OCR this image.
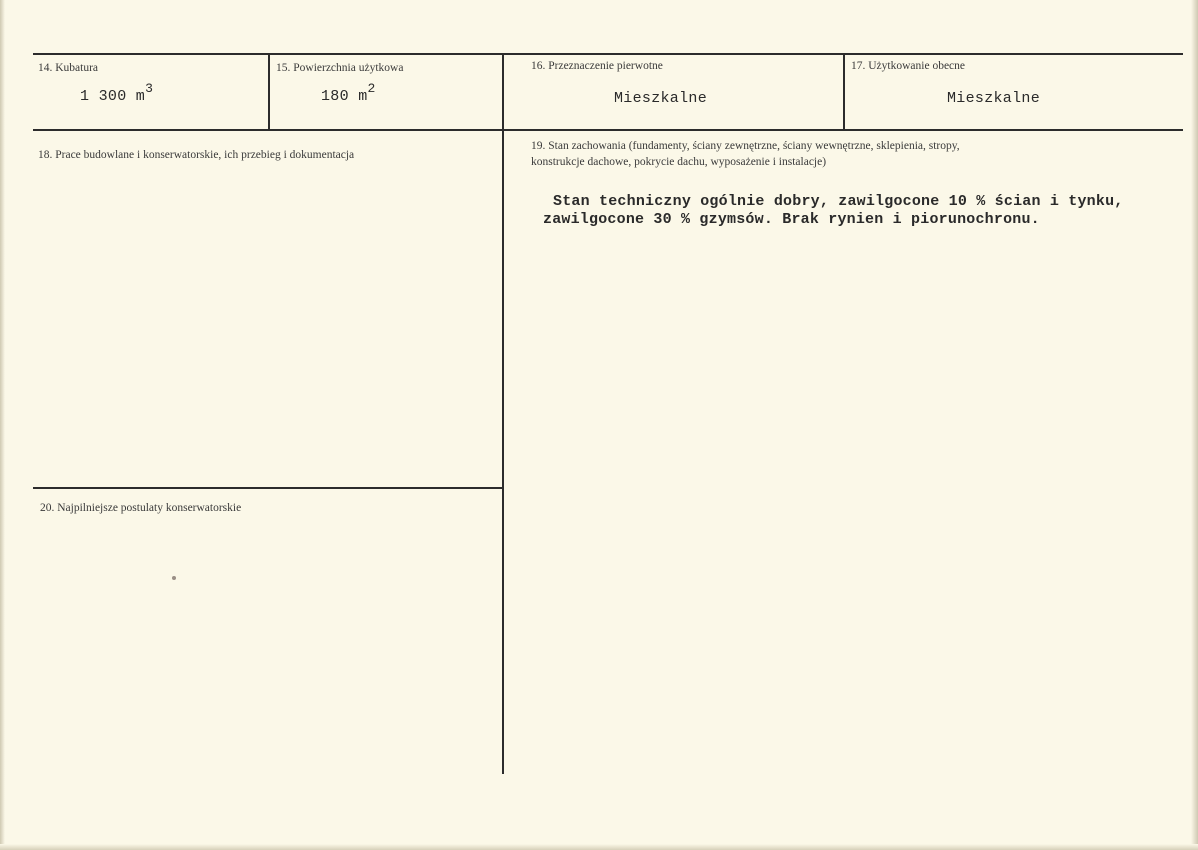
14. Kubatura
1 300 $m^3$
15. Powierzchnia użytkowa
180 $m^2$
16. Przeznaczenie pierwotne
Mieszkalne
17. Użytkowanie obecne
Mieszkalne
18. Prace budowlane i konserwatorskie, ich przebieg i dokumentacja
19. Stan zachowania (fundamenty, ściany zewnętrzne, ściany wewnętrzne, sklepienia, stropy,
konstrukcje dachowe, pokrycie dachu, wyposażenie i instalacje)
Stan techniczny ogólnie dobry, zawilgocone 10 % ścian i tynku,
zawilgocone 30 % gzymsów. Brak rynien i piorunochronu.
20. Najpilniejsze postulaty konserwatorskie
